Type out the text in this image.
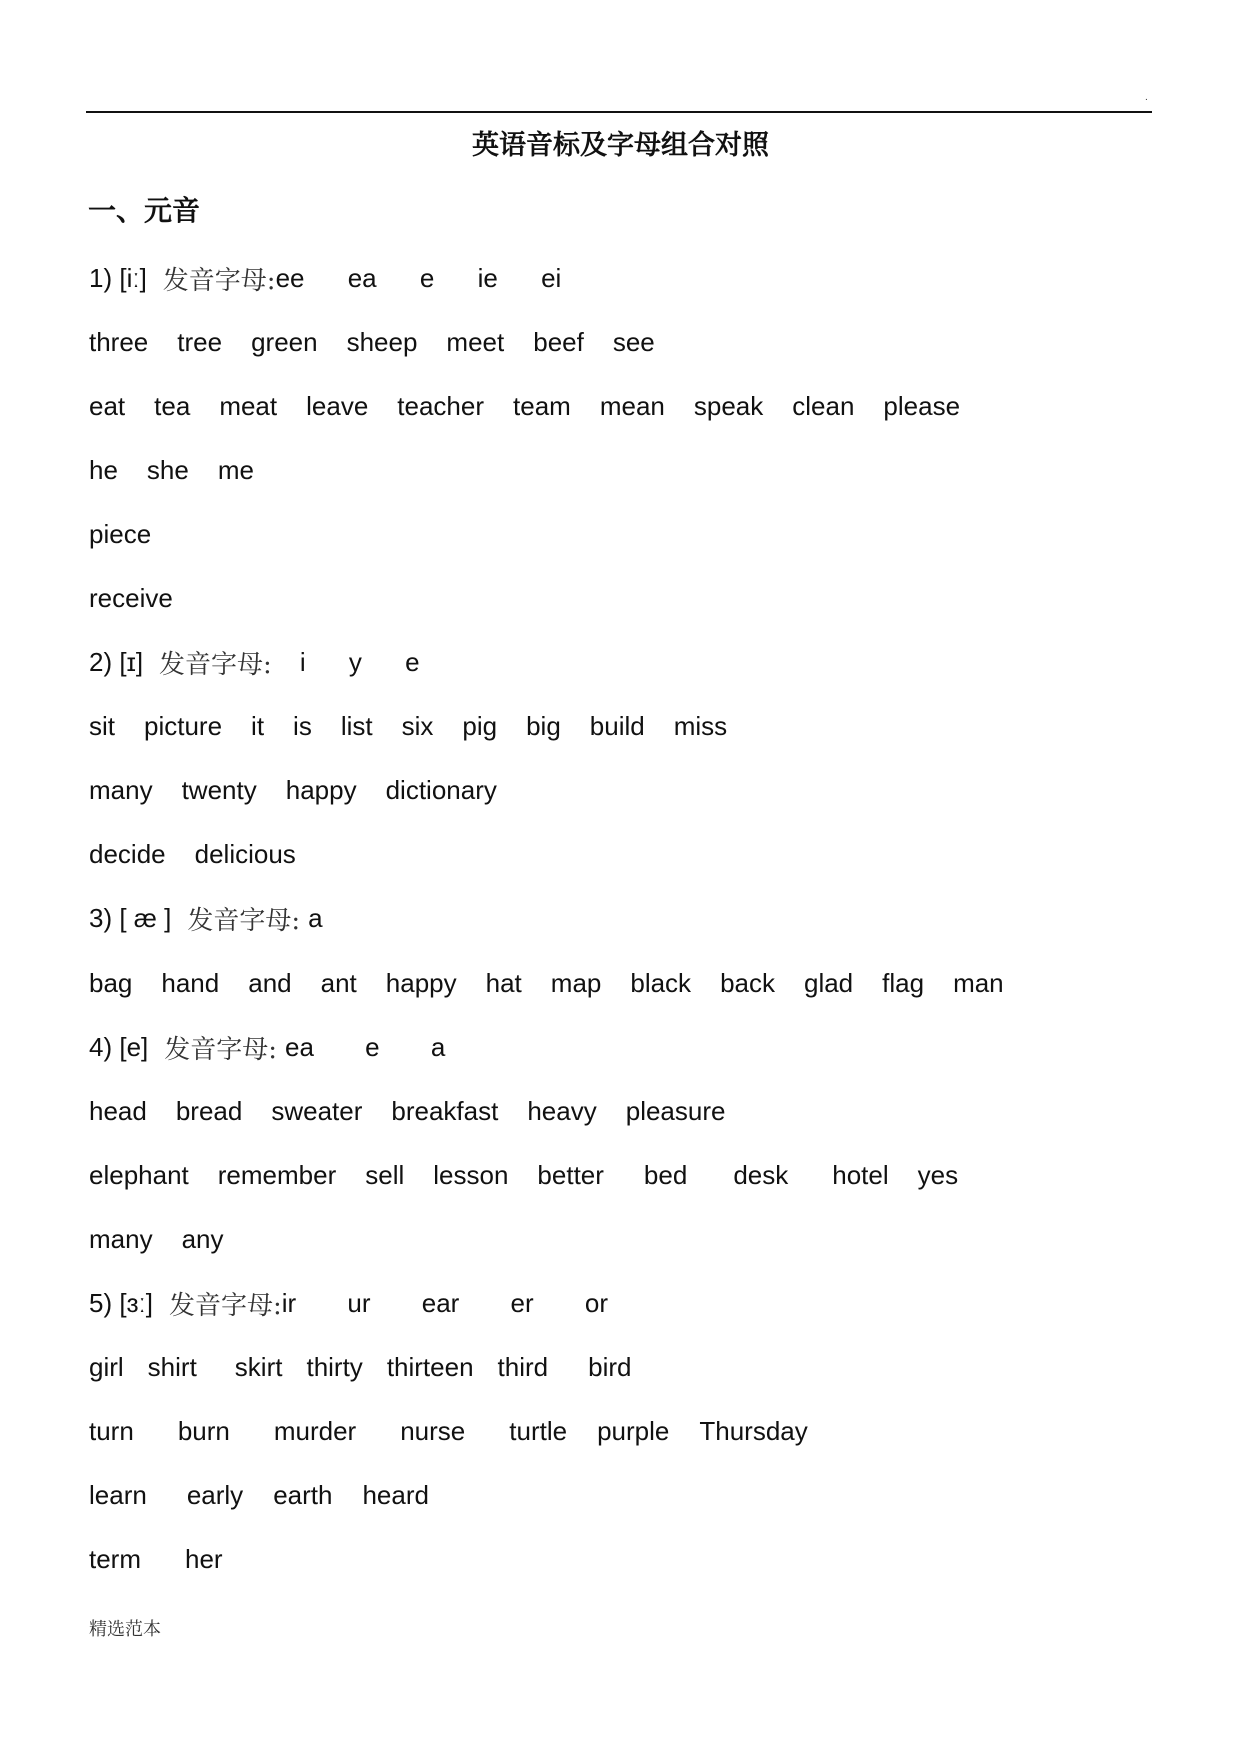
.
英语音标及字母组合对照
一、元音
1) [iː] 发音字母: ee ea e ie ei
three tree green sheep meet beef see
eat tea meat leave teacher team mean speak clean please
he she me
piece
receive
2) [ɪ] 发音字母: i y e
sit picture it is list six pig big build miss
many twenty happy dictionary
decide delicious
3) [ æ ] 发音字母: a
bag hand and ant happy hat map black back glad flag man
4) [e] 发音字母: ea e a
head bread sweater breakfast heavy pleasure
elephant remember sell lesson better bed desk hotel yes
many any
5) [ɜː] 发音字母: ir ur ear er or
girl shirt skirt thirty thirteen third bird
turn burn murder nurse turtle purple Thursday
learn early earth heard
term her
精选范本
